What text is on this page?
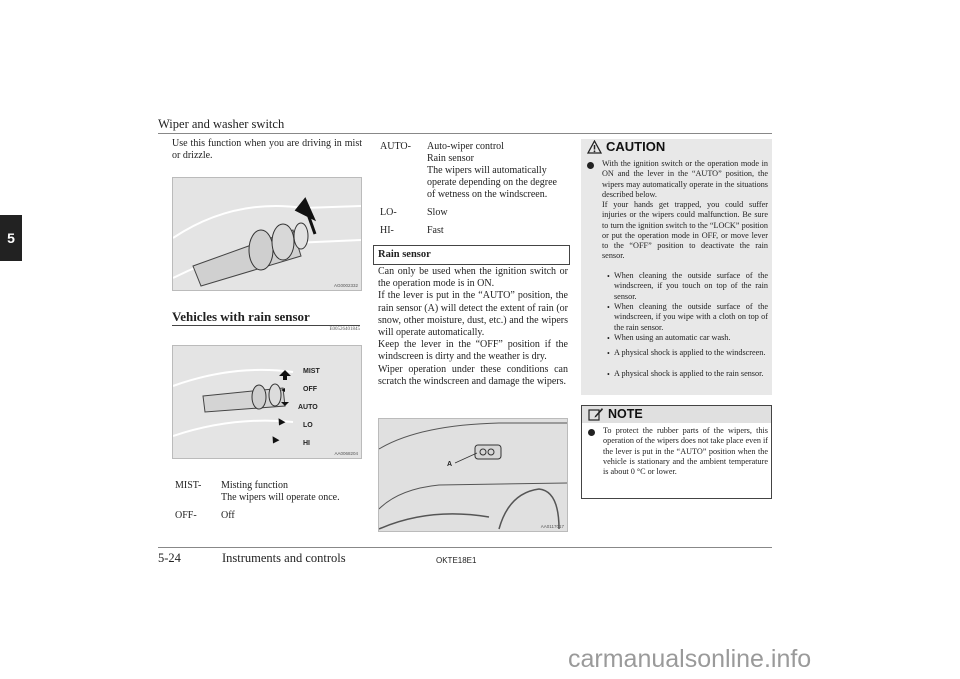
Wiper and washer switch
5
Use this function when you are driving in mist or drizzle.
AG0002332
Vehicles with rain sensor
E00526401845
MIST
OFF
AUTO
LO
HI
AA0068204
MIST- Misting function
The wipers will operate once.
OFF- Off
AUTO- Auto-wiper control
Rain sensor
The wipers will automatically operate depending on the degree of wetness on the windscreen.
LO-	Slow
HI-	Fast
Rain sensor
Can only be used when the ignition switch or the operation mode is in ON.
If the lever is put in the “AUTO” position, the rain sensor (A) will detect the extent of rain (or snow, other moisture, dust, etc.) and the wipers will operate automatically.
Keep the lever in the “OFF” position if the windscreen is dirty and the weather is dry.
Wiper operation under these conditions can scratch the windscreen and damage the wipers.
A
AA0117017
CAUTION
With the ignition switch or the operation mode in ON and the lever in the “AUTO” position, the wipers may automatically operate in the situations described below.
If your hands get trapped, you could suffer injuries or the wipers could malfunction. Be sure to turn the ignition switch to the “LOCK” position or put the operation mode in OFF, or move lever to the “OFF” position to deactivate the rain sensor.
• When cleaning the outside surface of the windscreen, if you touch on top of the rain sensor.
• When cleaning the outside surface of the windscreen, if you wipe with a cloth on top of the rain sensor.
• When using an automatic car wash.
• A physical shock is applied to the windscreen.
• A physical shock is applied to the rain sensor.
NOTE
To protect the rubber parts of the wipers, this operation of the wipers does not take place even if the lever is put in the “AUTO” position when the vehicle is stationary and the ambient temperature is about 0 °C or lower.
5-24	Instruments and controls	OKTE18E1
carmanualsonline.info
